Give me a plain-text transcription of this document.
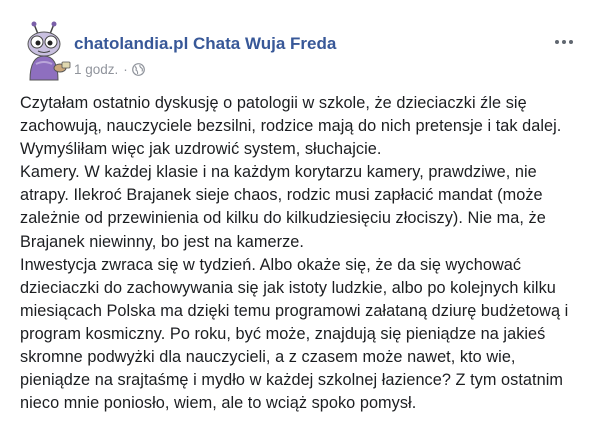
chatolandia.pl Chata Wuja Freda
1 godz. ·
Czytałam ostatnio dyskusję o patologii w szkole, że dzieciaczki źle się
zachowują, nauczyciele bezsilni, rodzice mają do nich pretensje i tak dalej.
Wymyśliłam więc jak uzdrowić system, słuchajcie.
Kamery. W każdej klasie i na każdym korytarzu kamery, prawdziwe, nie
atrapy. Ilekroć Brajanek sieje chaos, rodzic musi zapłacić mandat (może
zależnie od przewinienia od kilku do kilkudziesięciu złociszy). Nie ma, że
Brajanek niewinny, bo jest na kamerze.
Inwestycja zwraca się w tydzień. Albo okaże się, że da się wychować
dzieciaczki do zachowywania się jak istoty ludzkie, albo po kolejnych kilku
miesiącach Polska ma dzięki temu programowi załataną dziurę budżetową i
program kosmiczny. Po roku, być może, znajdują się pieniądze na jakieś
skromne podwyżki dla nauczycieli, a z czasem może nawet, kto wie,
pieniądze na srajtaśmę i mydło w każdej szkolnej łazience? Z tym ostatnim
nieco mnie poniosło, wiem, ale to wciąż spoko pomysł.
